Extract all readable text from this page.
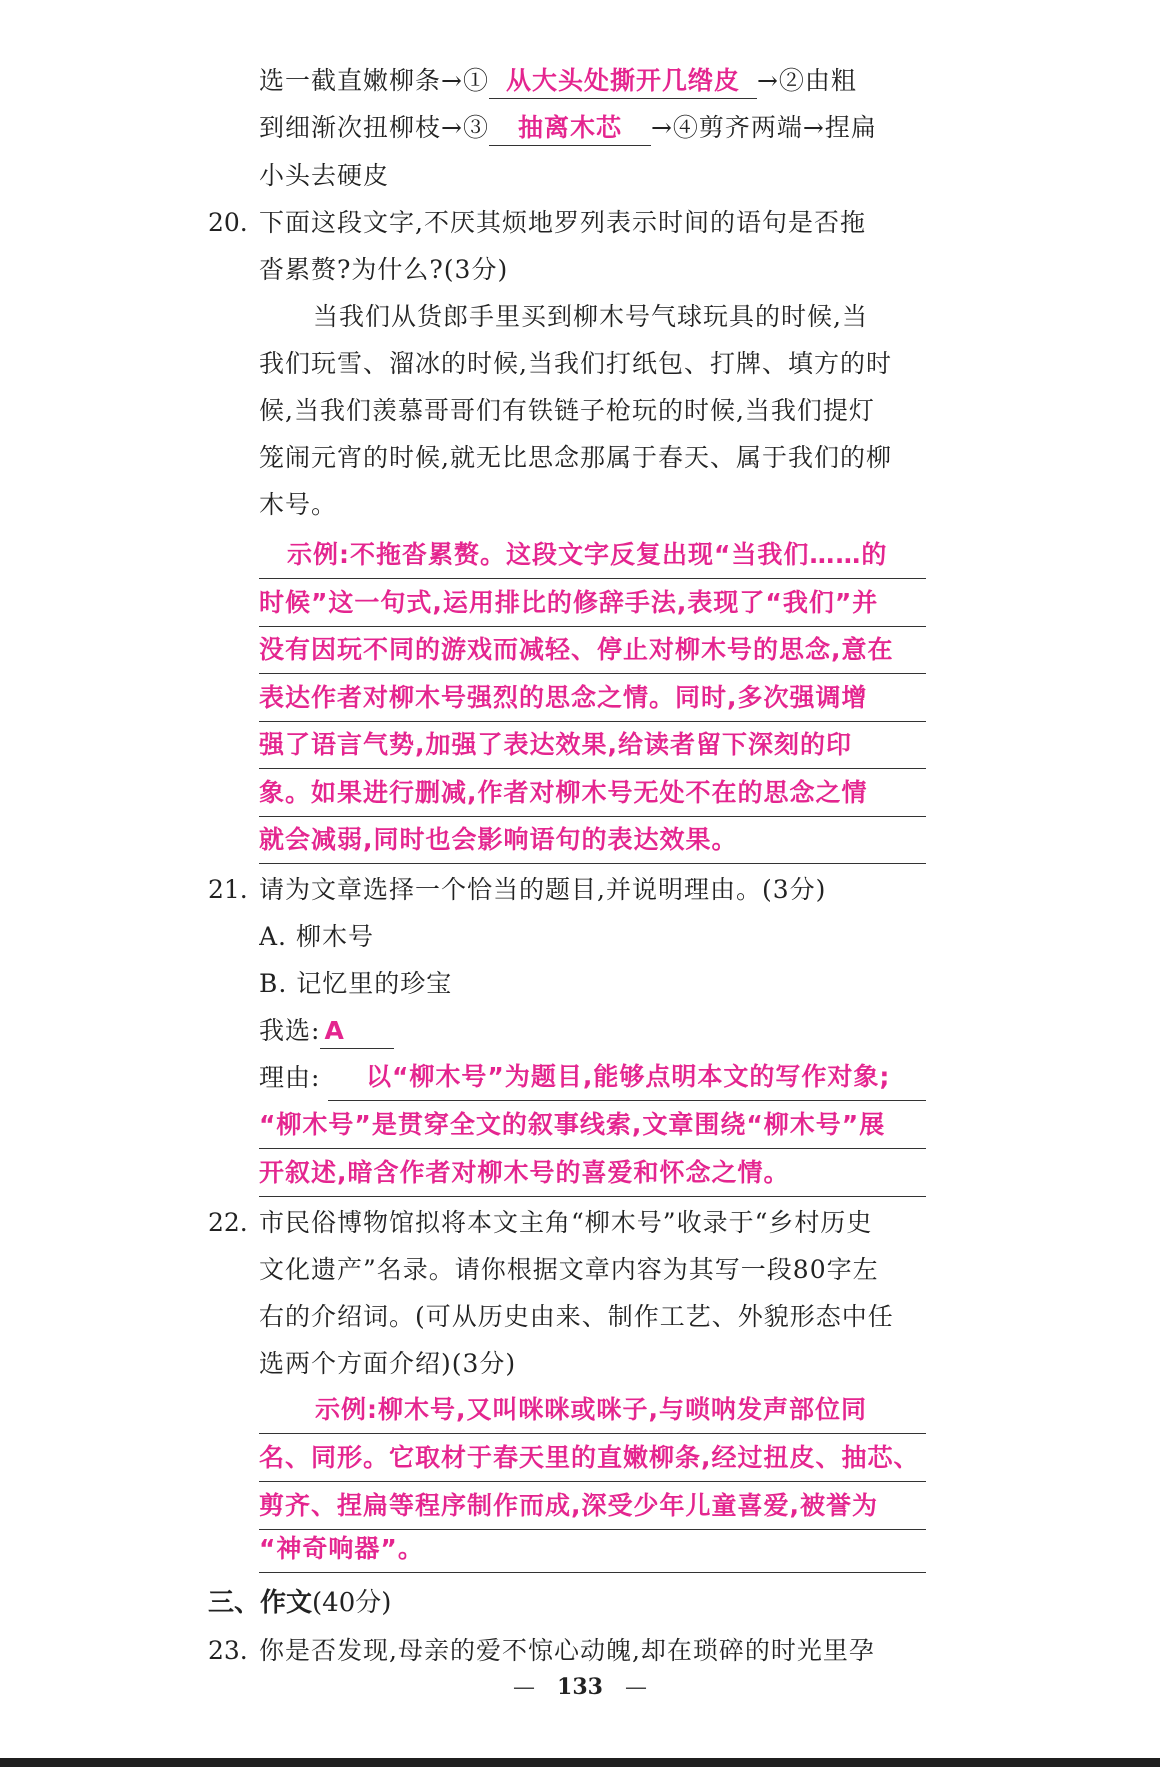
选一截直嫩柳条→① 从大头处撕开几绺皮 →②由粗
到细渐次扭柳枝→③ 抽离木芯 →④剪齐两端→捏扁
小头去硬皮
20. 下面这段文字,不厌其烦地罗列表示时间的语句是否拖
沓累赘?为什么?(3分)
当我们从货郎手里买到柳木号气球玩具的时候,当
我们玩雪、溜冰的时候,当我们打纸包、打牌、填方的时
候,当我们羡慕哥哥们有铁链子枪玩的时候,当我们提灯
笼闹元宵的时候,就无比思念那属于春天、属于我们的柳
木号。
示例:不拖沓累赘。这段文字反复出现“当我们……的
时候”这一句式,运用排比的修辞手法,表现了“我们”并
没有因玩不同的游戏而减轻、停止对柳木号的思念,意在
表达作者对柳木号强烈的思念之情。同时,多次强调增
强了语言气势,加强了表达效果,给读者留下深刻的印
象。如果进行删减,作者对柳木号无处不在的思念之情
就会减弱,同时也会影响语句的表达效果。
21. 请为文章选择一个恰当的题目,并说明理由。(3分)
A. 柳木号
B. 记忆里的珍宝
我选: A
理由:	以“柳木号”为题目,能够点明本文的写作对象;
“柳木号”是贯穿全文的叙事线索,文章围绕“柳木号”展
开叙述,暗含作者对柳木号的喜爱和怀念之情。
22. 市民俗博物馆拟将本文主角“柳木号”收录于“乡村历史
文化遗产”名录。请你根据文章内容为其写一段80字左
右的介绍词。(可从历史由来、制作工艺、外貌形态中任
选两个方面介绍)(3分)
示例:柳木号,又叫咪咪或咪子,与唢呐发声部位同
名、同形。它取材于春天里的直嫩柳条,经过扭皮、抽芯、
剪齐、捏扁等程序制作而成,深受少年儿童喜爱,被誉为
“神奇响器”。
三、作文(40分)
23. 你是否发现,母亲的爱不惊心动魄,却在琐碎的时光里孕
— 133 —
